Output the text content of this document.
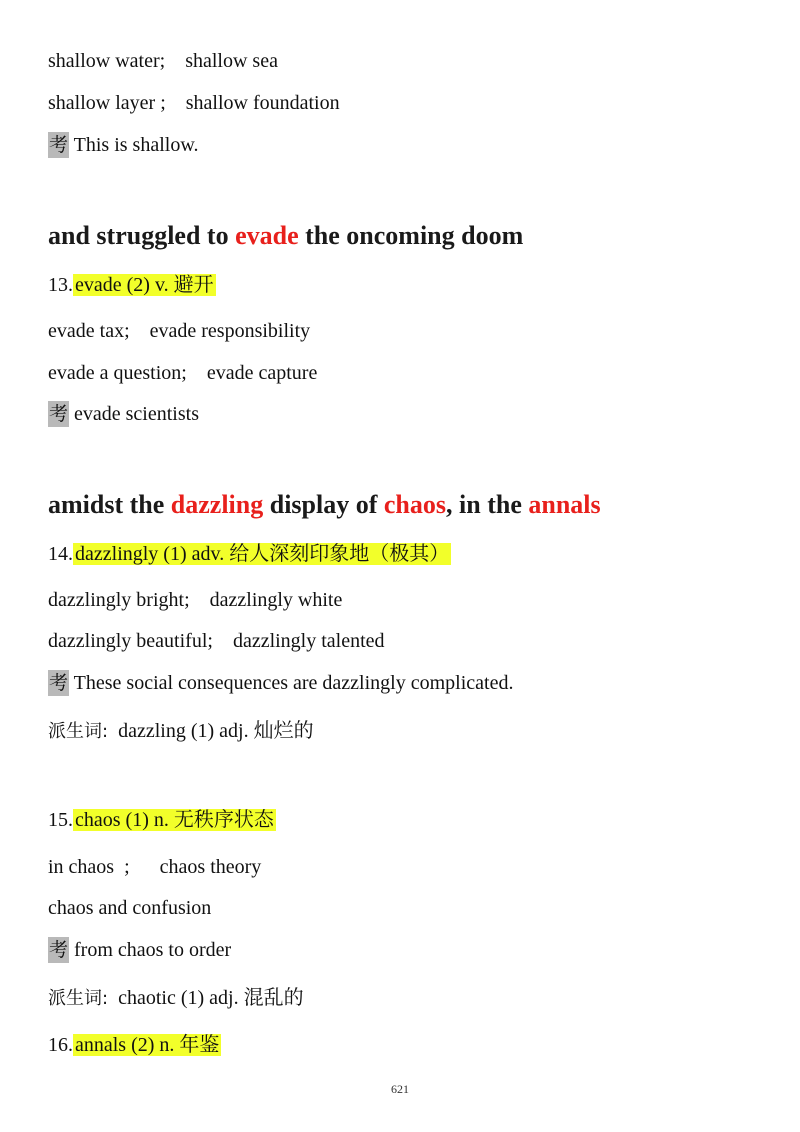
shallow water;    shallow sea
shallow layer ;    shallow foundation
考 This is shallow.
and struggled to evade the oncoming doom
13. evade (2) v. 避开
evade tax;    evade responsibility
evade a question;    evade capture
考 evade scientists
amidst the dazzling display of chaos, in the annals
14. dazzlingly (1) adv. 给人深刻印象地（极其）
dazzlingly bright;    dazzlingly white
dazzlingly beautiful;    dazzlingly talented
考 These social consequences are dazzlingly complicated.
派生词:  dazzling (1) adj. 灿烂的
15. chaos (1) n. 无秩序状态
in chaos  ;      chaos theory
chaos and confusion
考 from chaos to order
派生词:  chaotic (1) adj. 混乱的
16. annals (2) n. 年鉴
621
